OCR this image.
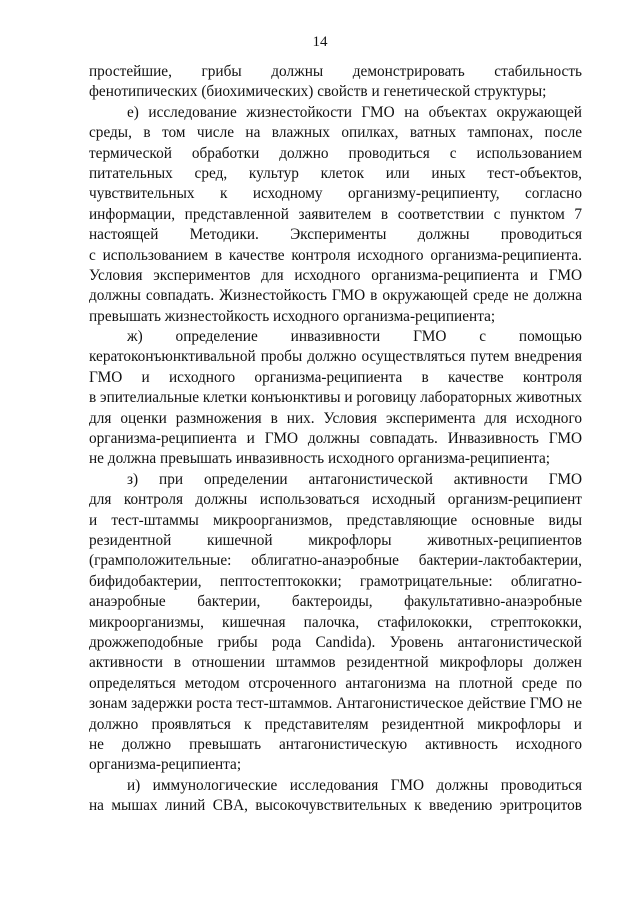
14
простейшие, грибы должны демонстрировать стабильность
фенотипических (биохимических) свойств и генетической структуры;
е) исследование жизнестойкости ГМО на объектах окружающей
среды, в том числе на влажных опилках, ватных тампонах, после
термической обработки должно проводиться с использованием
питательных сред, культур клеток или иных тест-объектов,
чувствительных к исходному организму-реципиенту, согласно
информации, представленной заявителем в соответствии с пунктом 7
настоящей Методики. Эксперименты должны проводиться
с использованием в качестве контроля исходного организма-реципиента.
Условия экспериментов для исходного организма-реципиента и ГМО
должны совпадать. Жизнестойкость ГМО в окружающей среде не должна
превышать жизнестойкость исходного организма-реципиента;
ж) определение инвазивности ГМО с помощью
кератоконъюнктивальной пробы должно осуществляться путем внедрения
ГМО и исходного организма-реципиента в качестве контроля
в эпителиальные клетки конъюнктивы и роговицу лабораторных животных
для оценки размножения в них. Условия эксперимента для исходного
организма-реципиента и ГМО должны совпадать. Инвазивность ГМО
не должна превышать инвазивность исходного организма-реципиента;
з) при определении антагонистической активности ГМО
для контроля должны использоваться исходный организм-реципиент
и тест-штаммы микроорганизмов, представляющие основные виды
резидентной кишечной микрофлоры животных-реципиентов
(грамположительные: облигатно-анаэробные бактерии-лактобактерии,
бифидобактерии, пептостептококки; грамотрицательные: облигатно-
анаэробные бактерии, бактероиды, факультативно-анаэробные
микроорганизмы, кишечная палочка, стафилококки, стрептококки,
дрожжеподобные грибы рода Candida). Уровень антагонистической
активности в отношении штаммов резидентной микрофлоры должен
определяться методом отсроченного антагонизма на плотной среде по
зонам задержки роста тест-штаммов. Антагонистическое действие ГМО не
должно проявляться к представителям резидентной микрофлоры и
не должно превышать антагонистическую активность исходного
организма-реципиента;
и) иммунологические исследования ГМО должны проводиться
на мышах линий CBA, высокочувствительных к введению эритроцитов
